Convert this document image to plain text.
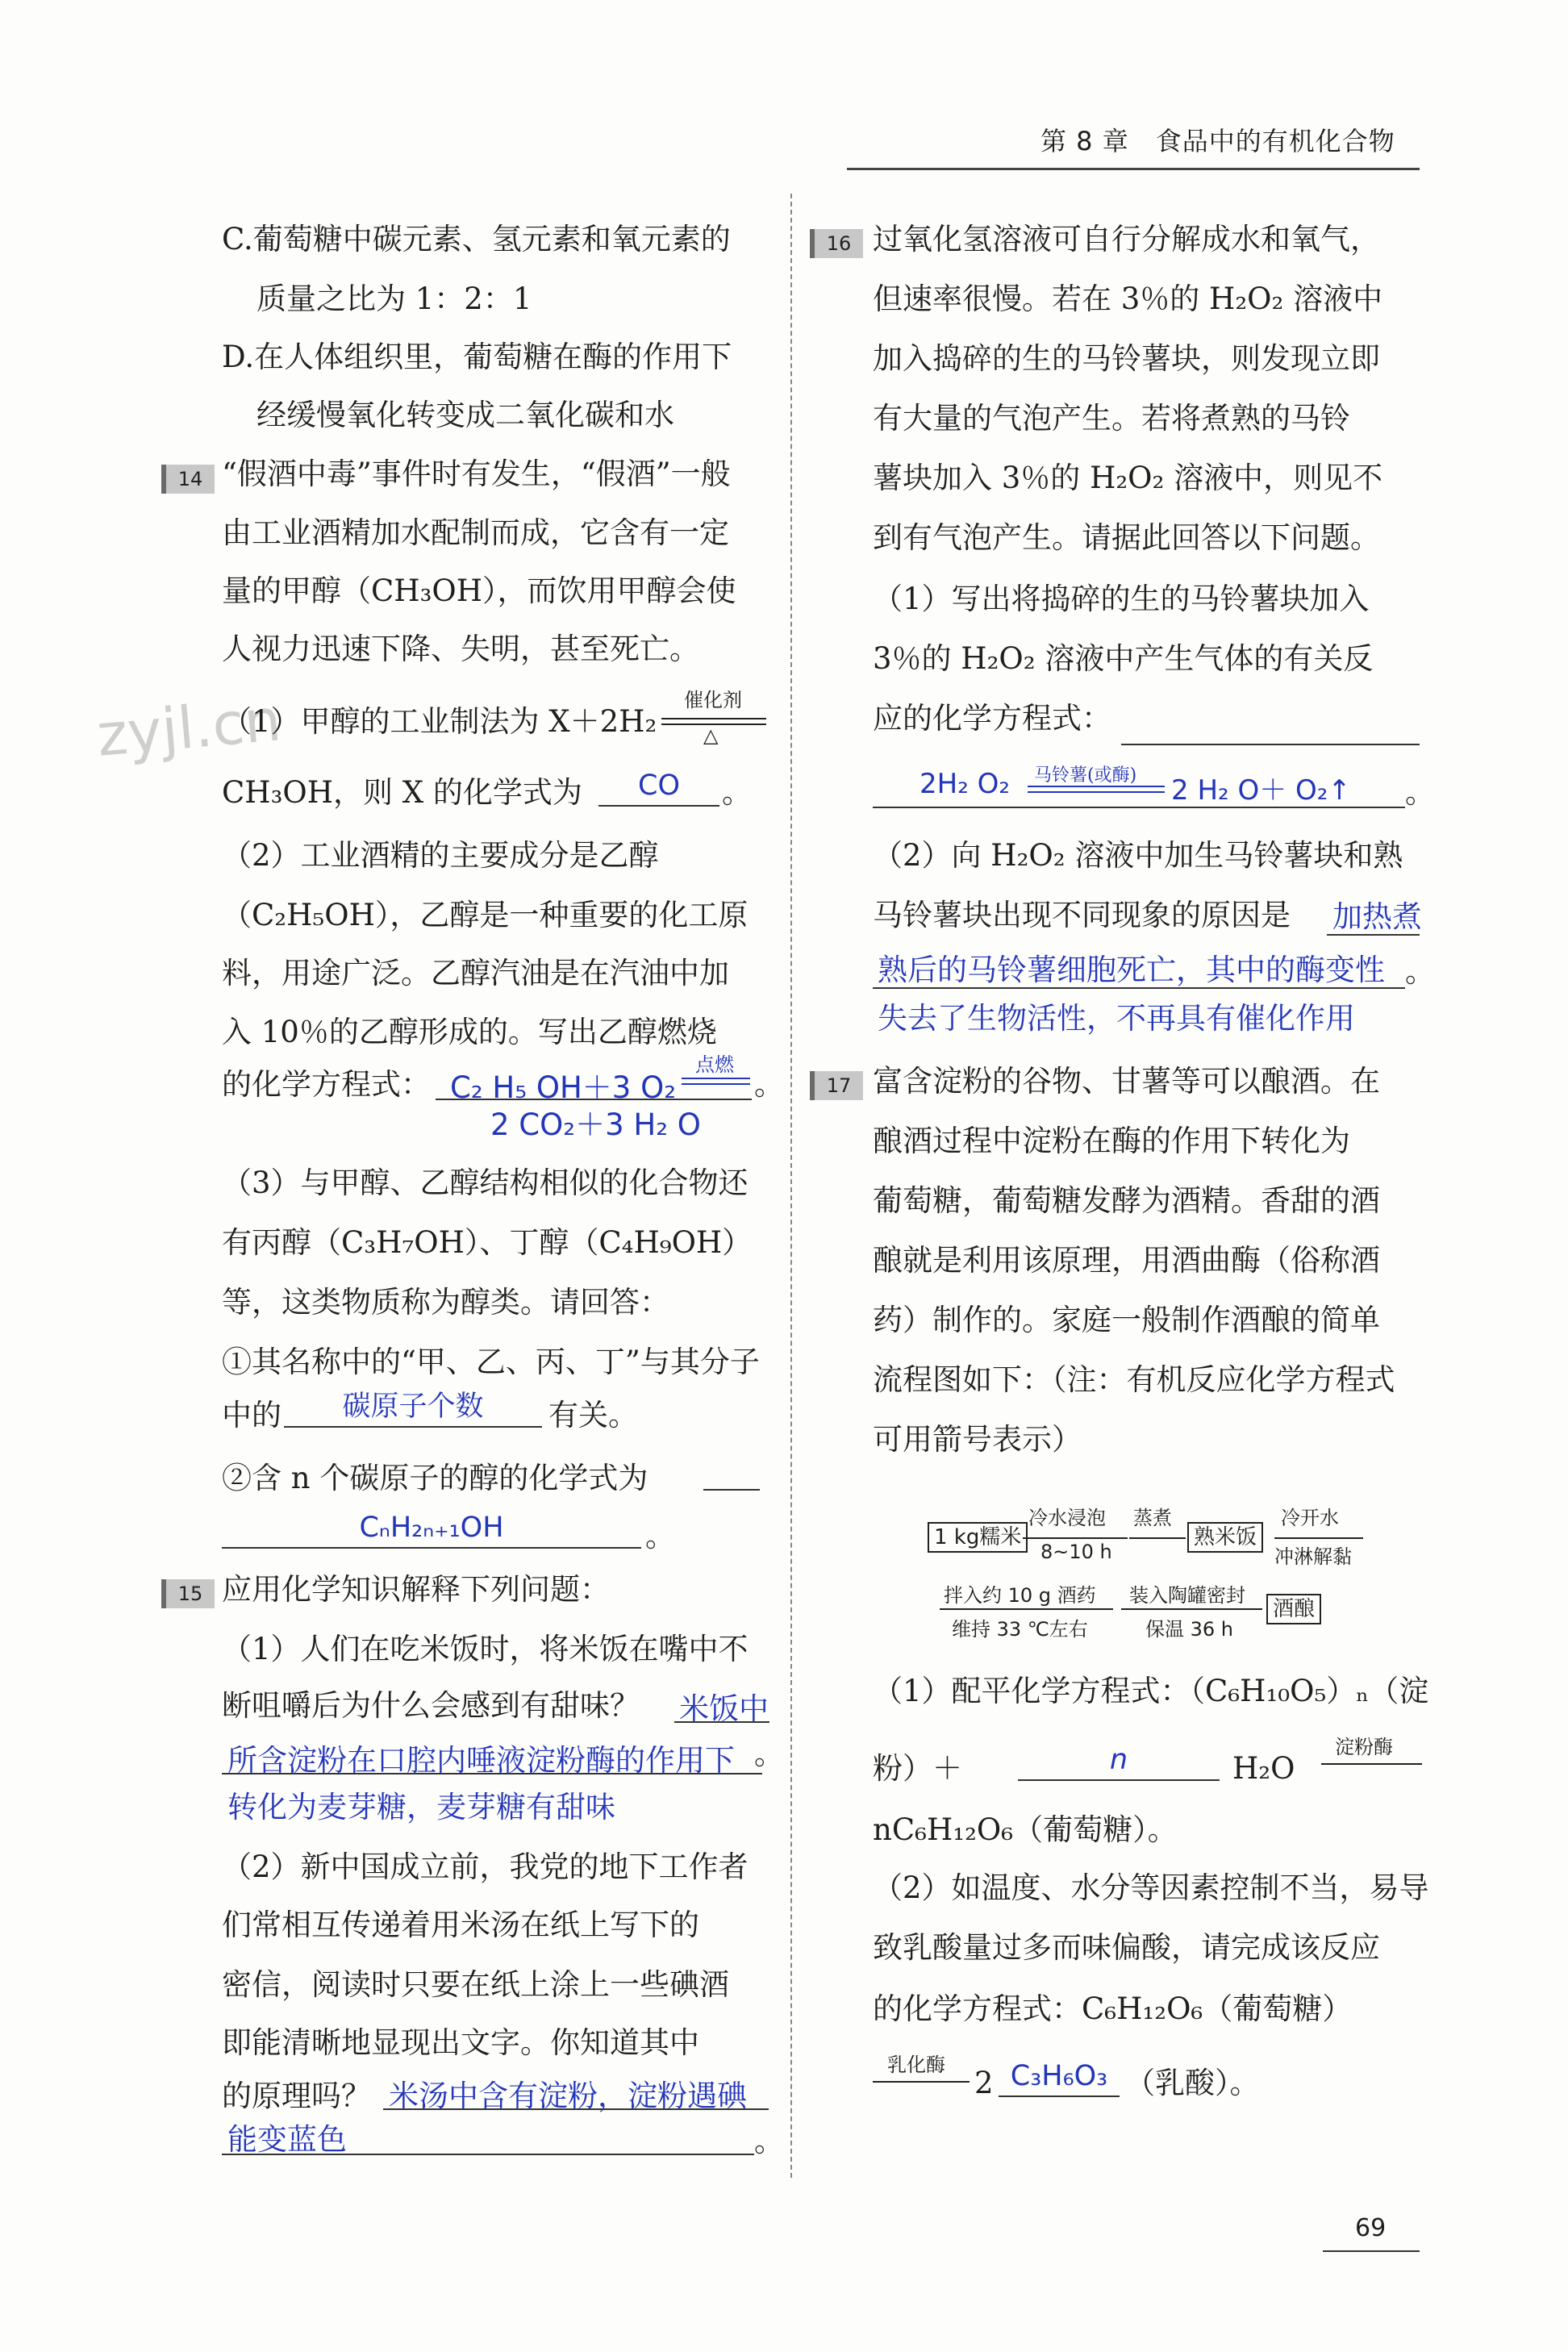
第 8 章　食品中的有机化合物
zyjl.cn
C.葡萄糖中碳元素、氢元素和氧元素的
质量之比为 1：2：1
D.在人体组织里，葡萄糖在酶的作用下
经缓慢氧化转变成二氧化碳和水
14 “假酒中毒”事件时有发生，“假酒”一般
由工业酒精加水配制而成，它含有一定
量的甲醇（CH₃OH），而饮用甲醇会使
人视力迅速下降、失明，甚至死亡。
（1）甲醇的工业制法为 X＋2H₂
催化剂
△
CH₃OH，则 X 的化学式为	CO	。
（2）工业酒精的主要成分是乙醇
（C₂H₅OH），乙醇是一种重要的化工原
料，用途广泛。乙醇汽油是在汽油中加
入 10％的乙醇形成的。写出乙醇燃烧
的化学方程式： C₂ H₅ OH＋3 O₂
点燃
2 CO₂＋3 H₂ O
。
（3）与甲醇、乙醇结构相似的化合物还
有丙醇（C₃H₇OH）、丁醇（C₄H₉OH）
等，这类物质称为醇类。请回答：
①其名称中的“甲、乙、丙、丁”与其分子
中的	碳原子个数	有关。
②含 n 个碳原子的醇的化学式为
CₙH₂ₙ₊₁OH	。
15 应用化学知识解释下列问题：
（1）人们在吃米饭时，将米饭在嘴中不
断咀嚼后为什么会感到有甜味？ 米饭中
所含淀粉在口腔内唾液淀粉酶的作用下
转化为麦芽糖，麦芽糖有甜味
。
（2）新中国成立前，我党的地下工作者
们常相互传递着用米汤在纸上写下的
密信，阅读时只要在纸上涂上一些碘酒
即能清晰地显现出文字。你知道其中
的原理吗？ 米汤中含有淀粉，淀粉遇碘
能变蓝色	。
16 过氧化氢溶液可自行分解成水和氧气，
但速率很慢。若在 3％的 H₂O₂ 溶液中
加入捣碎的生的马铃薯块，则发现立即
有大量的气泡产生。若将煮熟的马铃
薯块加入 3％的 H₂O₂ 溶液中，则见不
到有气泡产生。请据此回答以下问题。
（1）写出将捣碎的生的马铃薯块加入
3％的 H₂O₂ 溶液中产生气体的有关反
应的化学方程式：
2H₂ O₂ 马铃薯(或酶) 2 H₂ O＋ O₂↑ 。
（2）向 H₂O₂ 溶液中加生马铃薯块和熟
马铃薯块出现不同现象的原因是 加热煮
熟后的马铃薯细胞死亡，其中的酶变性
失去了生物活性，不再具有催化作用
。
17 富含淀粉的谷物、甘薯等可以酿酒。在
酿酒过程中淀粉在酶的作用下转化为
葡萄糖，葡萄糖发酵为酒精。香甜的酒
酿就是利用该原理，用酒曲酶（俗称酒
药）制作的。家庭一般制作酒酿的简单
流程图如下：（注：有机反应化学方程式
可用箭号表示）
1 kg糯米
冷水浸泡
8~10 h
蒸煮
熟米饭
冷开水
冲淋解黏
拌入约 10 g 酒药
维持 33 ℃左右
装入陶罐密封
保温 36 h
酒酿
（1）配平化学方程式：（C₆H₁₀O₅）ₙ（淀
粉）＋	n	H₂O
淀粉酶
nC₆H₁₂O₆（葡萄糖）。
（2）如温度、水分等因素控制不当，易导
致乳酸量过多而味偏酸，请完成该反应
的化学方程式：C₆H₁₂O₆（葡萄糖）
乳化酶
2 C₃H₆O₃ （乳酸）。
69
